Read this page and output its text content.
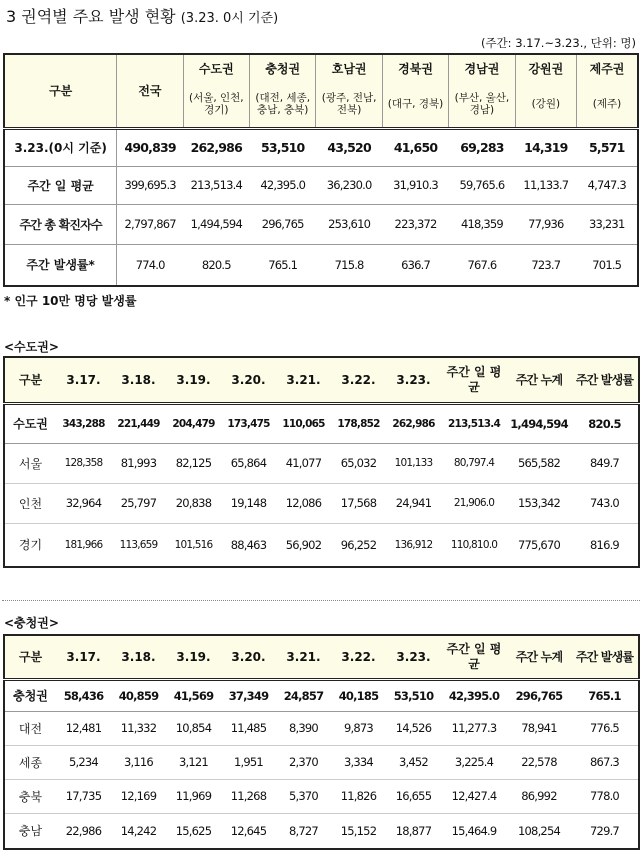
3 권역별 주요 발생 현황 (3.23. 0시 기준)
(주간: 3.17.~3.23., 단위: 명)
구분	전국	수도권	충청권	호남권	경북권	경남권	강원권	제주권
		(서울, 인천, 경기)	(대전, 세종, 충남, 충북)	(광주, 전남, 전북)	(대구, 경북)	(부산, 울산, 경남)	(강원)	(제주)
3.23.(0시 기준)	490,839	262,986	53,510	43,520	41,650	69,283	14,319	5,571
주간 일 평균	399,695.3	213,513.4	42,395.0	36,230.0	31,910.3	59,765.6	11,133.7	4,747.3
주간 총 확진자수	2,797,867	1,494,594	296,765	253,610	223,372	418,359	77,936	33,231
주간 발생률*	774.0	820.5	765.1	715.8	636.7	767.6	723.7	701.5
* 인구 10만 명당 발생률
<수도권>
구분	3.17.	3.18.	3.19.	3.20.	3.21.	3.22.	3.23.	주간 일 평균	주간 누계	주간 발생률
수도권	343,288	221,449	204,479	173,475	110,065	178,852	262,986	213,513.4	1,494,594	820.5
서울	128,358	81,993	82,125	65,864	41,077	65,032	101,133	80,797.4	565,582	849.7
인천	32,964	25,797	20,838	19,148	12,086	17,568	24,941	21,906.0	153,342	743.0
경기	181,966	113,659	101,516	88,463	56,902	96,252	136,912	110,810.0	775,670	816.9
<충청권>
구분	3.17.	3.18.	3.19.	3.20.	3.21.	3.22.	3.23.	주간 일 평균	주간 누계	주간 발생률
충청권	58,436	40,859	41,569	37,349	24,857	40,185	53,510	42,395.0	296,765	765.1
대전	12,481	11,332	10,854	11,485	8,390	9,873	14,526	11,277.3	78,941	776.5
세종	5,234	3,116	3,121	1,951	2,370	3,334	3,452	3,225.4	22,578	867.3
충북	17,735	12,169	11,969	11,268	5,370	11,826	16,655	12,427.4	86,992	778.0
충남	22,986	14,242	15,625	12,645	8,727	15,152	18,877	15,464.9	108,254	729.7
